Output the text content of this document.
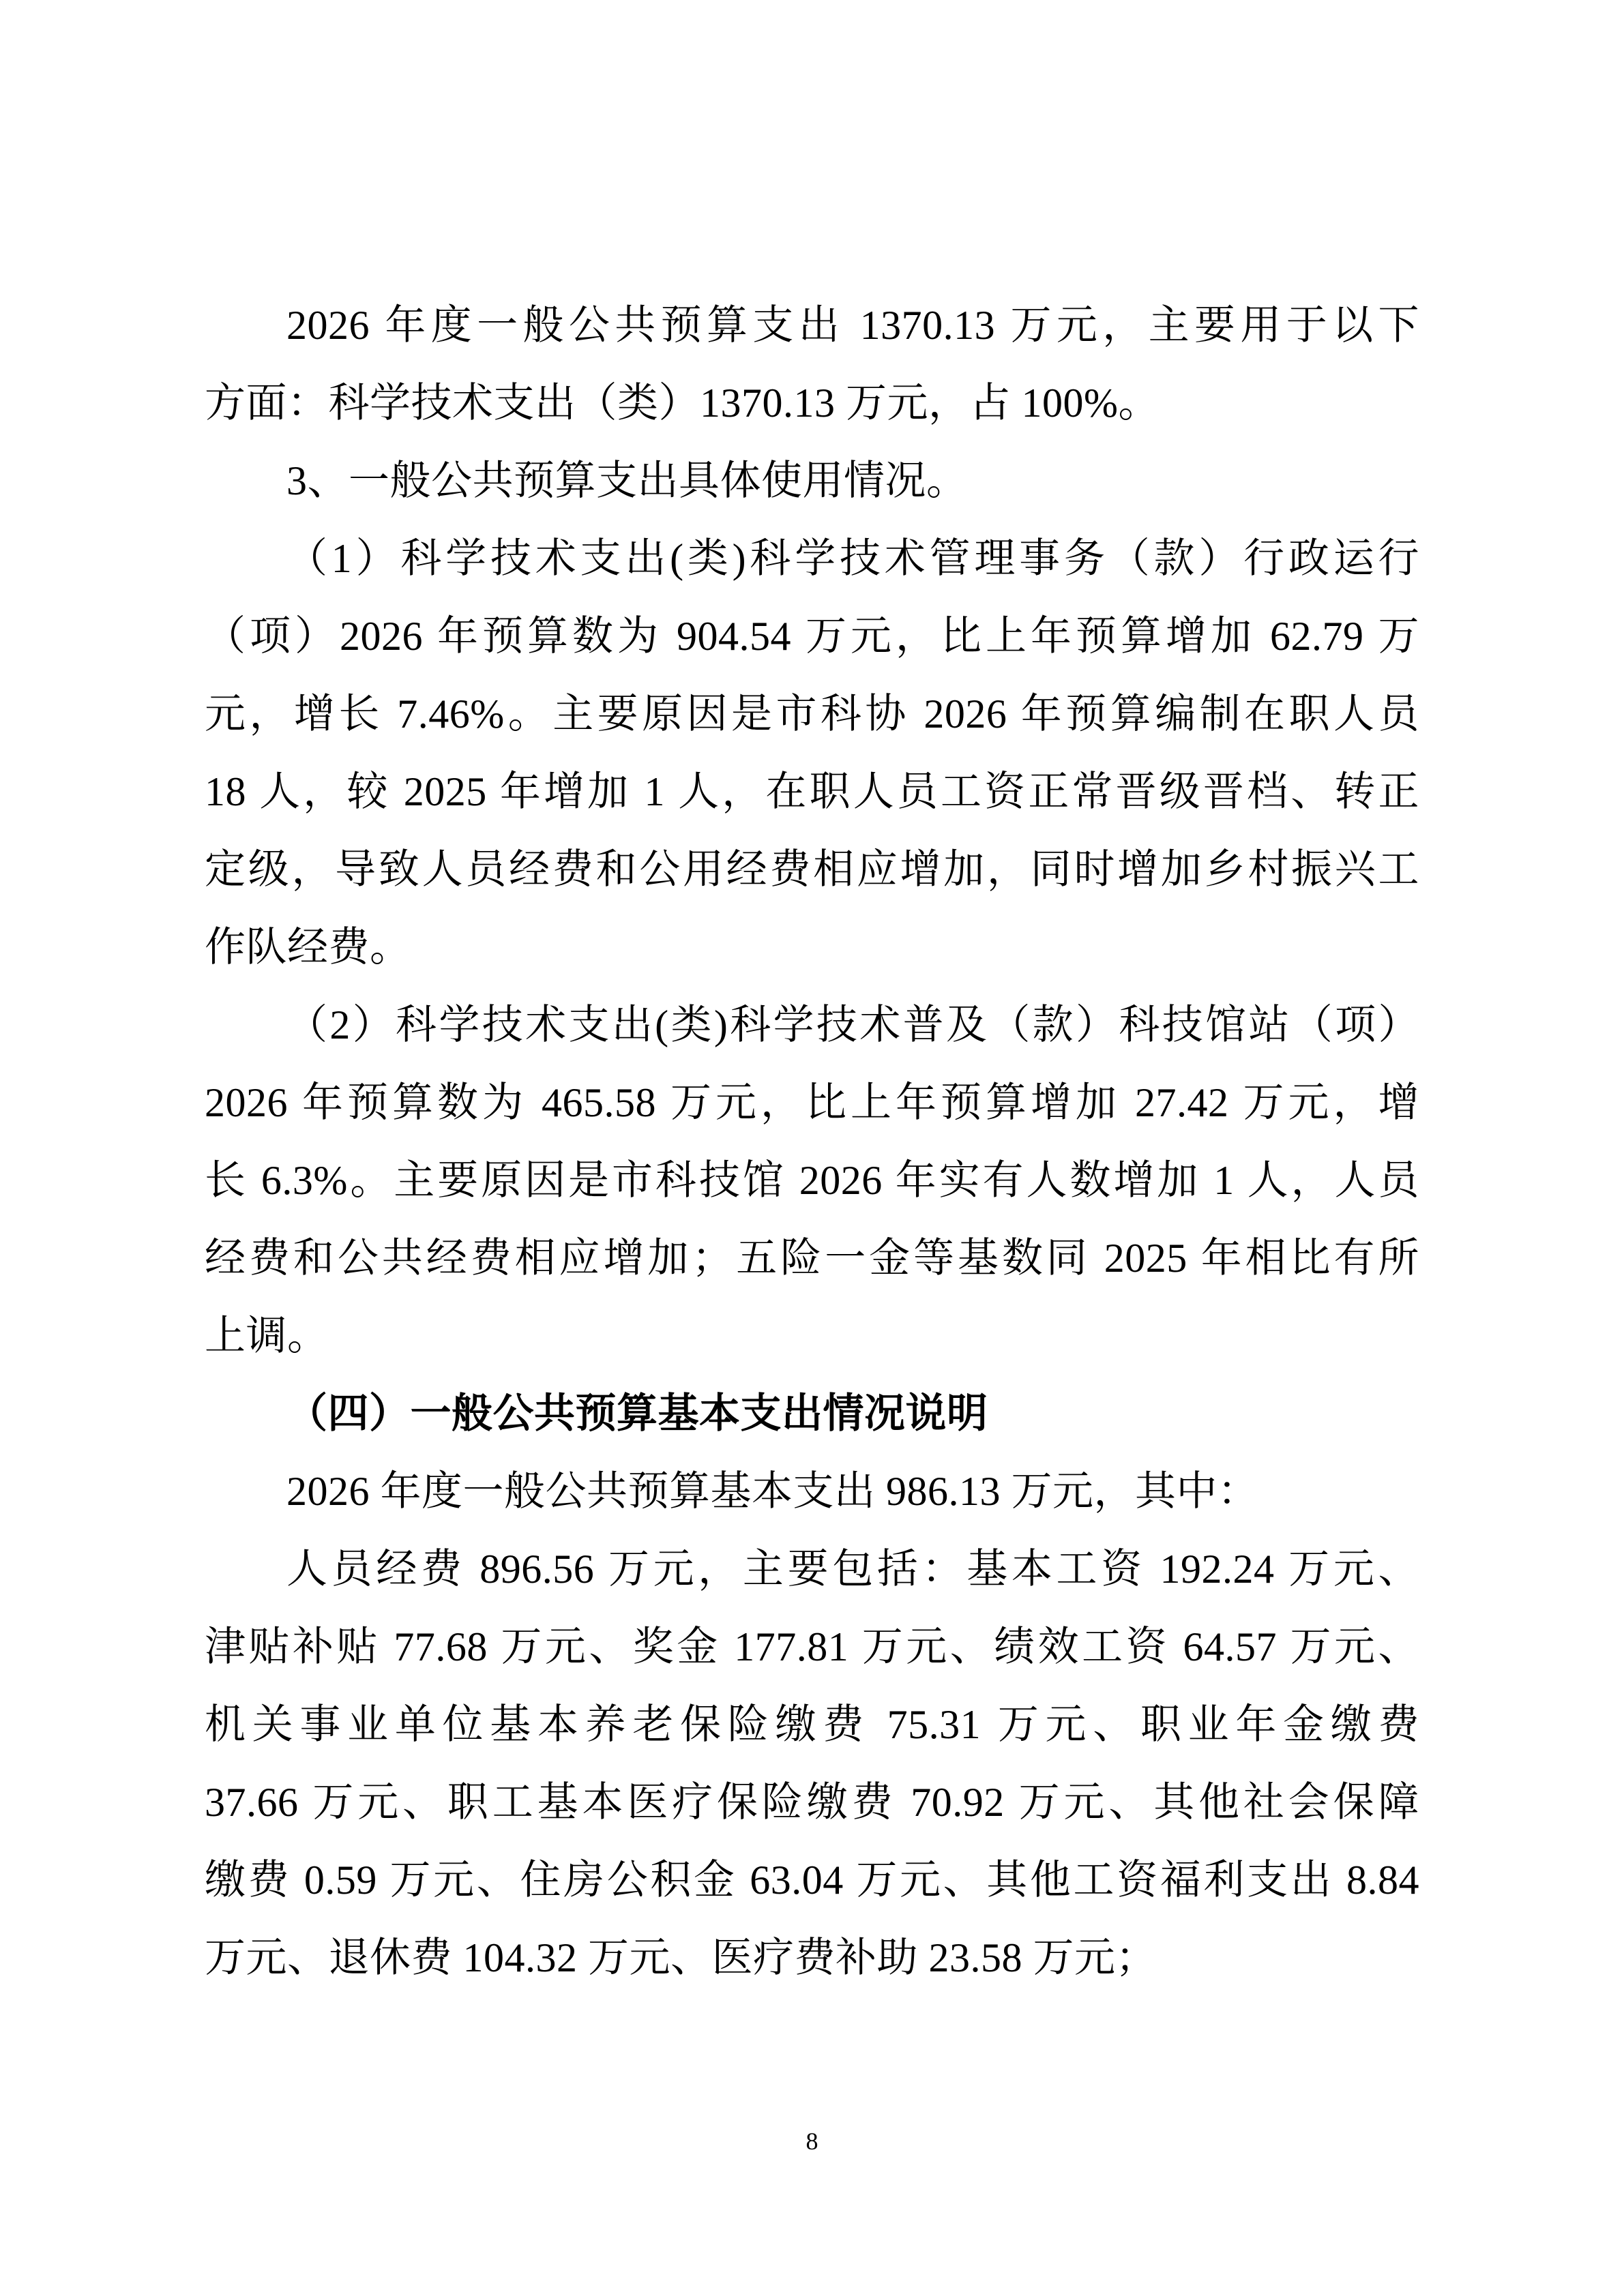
2026 年度一般公共预算支出 1370.13 万元，主要用于以下
方面：科学技术支出（类）1370.13 万元，占 100%。
3、一般公共预算支出具体使用情况。
（1）科学技术支出(类)科学技术管理事务（款）行政运行
（项）2026 年预算数为 904.54 万元，比上年预算增加 62.79 万
元，增长 7.46%。主要原因是市科协 2026 年预算编制在职人员
18 人，较 2025 年增加 1 人，在职人员工资正常晋级晋档、转正
定级，导致人员经费和公用经费相应增加，同时增加乡村振兴工
作队经费。
（2）科学技术支出(类)科学技术普及（款）科技馆站（项）
2026 年预算数为 465.58 万元，比上年预算增加 27.42 万元，增
长 6.3%。主要原因是市科技馆 2026 年实有人数增加 1 人，人员
经费和公共经费相应增加；五险一金等基数同 2025 年相比有所
上调。
（四）一般公共预算基本支出情况说明
2026 年度一般公共预算基本支出 986.13 万元，其中：
人员经费 896.56 万元，主要包括：基本工资 192.24 万元、
津贴补贴 77.68 万元、奖金 177.81 万元、绩效工资 64.57 万元、
机关事业单位基本养老保险缴费 75.31 万元、职业年金缴费
37.66 万元、职工基本医疗保险缴费 70.92 万元、其他社会保障
缴费 0.59 万元、住房公积金 63.04 万元、其他工资福利支出 8.84
万元、退休费 104.32 万元、医疗费补助 23.58 万元；
8
